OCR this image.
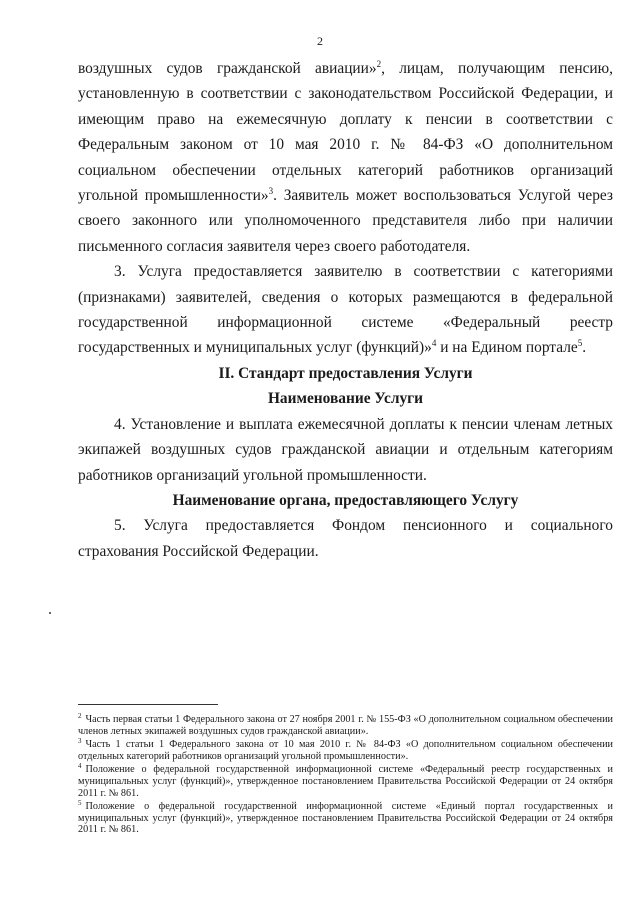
2

воздушных судов гражданской авиации»$^2$, лицам, получающим пенсию, установленную в соответствии с законодательством Российской Федерации, и имеющим право на ежемесячную доплату к пенсии в соответствии с Федеральным законом от 10 мая 2010 г. № 84-ФЗ «О дополнительном социальном обеспечении отдельных категорий работников организаций угольной промышленности»$^3$. Заявитель может воспользоваться Услугой через своего законного или уполномоченного представителя либо при наличии письменного согласия заявителя через своего работодателя.

3. Услуга предоставляется заявителю в соответствии с категориями (признаками) заявителей, сведения о которых размещаются в федеральной государственной информационной системе «Федеральный реестр государственных и муниципальных услуг (функций)»$^4$ и на Едином портале$^5$.

II. Стандарт предоставления Услуги

Наименование Услуги

4. Установление и выплата ежемесячной доплаты к пенсии членам летных экипажей воздушных судов гражданской авиации и отдельным категориям работников организаций угольной промышленности.

Наименование органа, предоставляющего Услугу

5. Услуга предоставляется Фондом пенсионного и социального страхования Российской Федерации.

$^2$ Часть первая статьи 1 Федерального закона от 27 ноября 2001 г. № 155-ФЗ «О дополнительном социальном обеспечении членов летных экипажей воздушных судов гражданской авиации».

$^3$ Часть 1 статьи 1 Федерального закона от 10 мая 2010 г. № 84-ФЗ «О дополнительном социальном обеспечении отдельных категорий работников организаций угольной промышленности».

$^4$ Положение о федеральной государственной информационной системе «Федеральный реестр государственных и муниципальных услуг (функций)», утвержденное постановлением Правительства Российской Федерации от 24 октября 2011 г. № 861.

$^5$ Положение о федеральной государственной информационной системе «Единый портал государственных и муниципальных услуг (функций)», утвержденное постановлением Правительства Российской Федерации от 24 октября 2011 г. № 861.
